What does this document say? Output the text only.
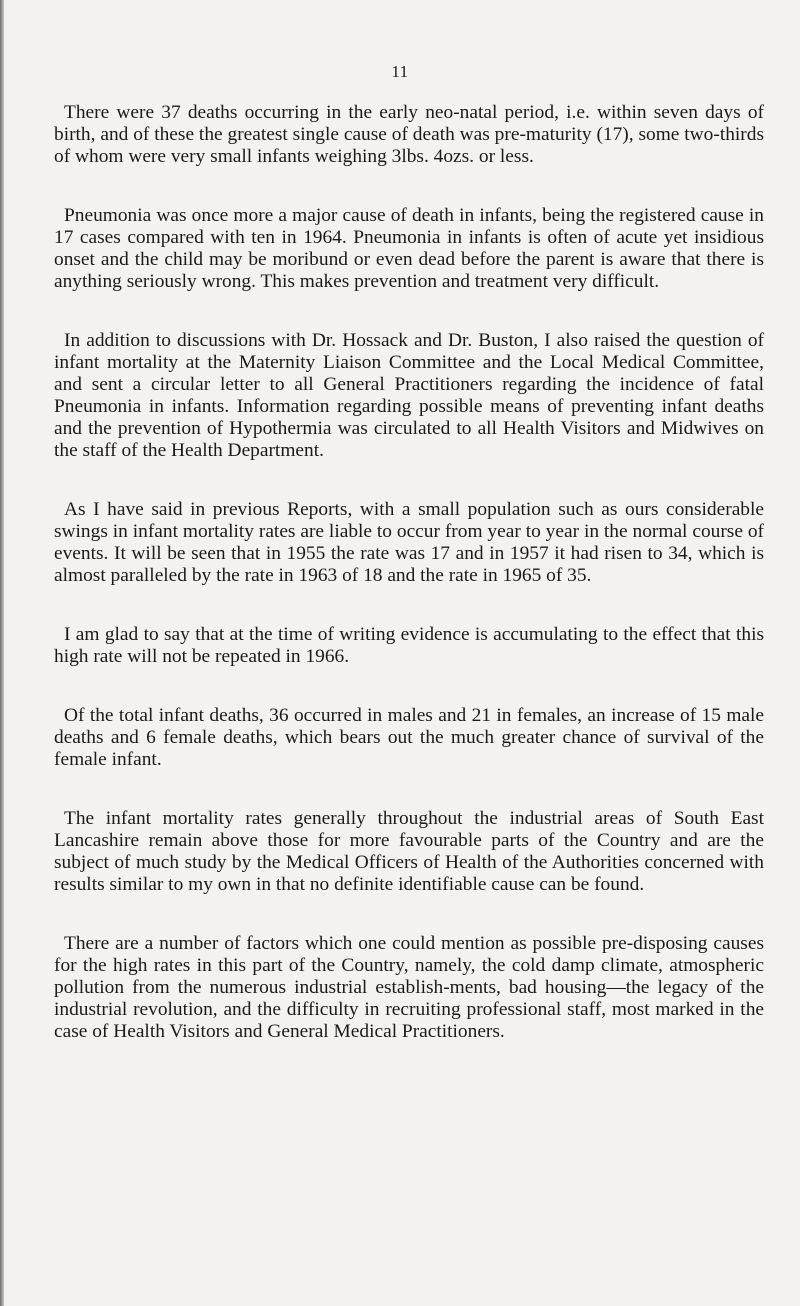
11

There were 37 deaths occurring in the early neo-natal period, i.e. within seven days of birth, and of these the greatest single cause of death was pre-maturity (17), some two-thirds of whom were very small infants weighing 3lbs. 4ozs. or less.

Pneumonia was once more a major cause of death in infants, being the registered cause in 17 cases compared with ten in 1964. Pneumonia in infants is often of acute yet insidious onset and the child may be moribund or even dead before the parent is aware that there is anything seriously wrong. This makes prevention and treatment very difficult.

In addition to discussions with Dr. Hossack and Dr. Buston, I also raised the question of infant mortality at the Maternity Liaison Committee and the Local Medical Committee, and sent a circular letter to all General Practitioners regarding the incidence of fatal Pneumonia in infants. Information regarding possible means of preventing infant deaths and the prevention of Hypothermia was circulated to all Health Visitors and Midwives on the staff of the Health Department.

As I have said in previous Reports, with a small population such as ours considerable swings in infant mortality rates are liable to occur from year to year in the normal course of events. It will be seen that in 1955 the rate was 17 and in 1957 it had risen to 34, which is almost paralleled by the rate in 1963 of 18 and the rate in 1965 of 35.

I am glad to say that at the time of writing evidence is accumulating to the effect that this high rate will not be repeated in 1966.

Of the total infant deaths, 36 occurred in males and 21 in females, an increase of 15 male deaths and 6 female deaths, which bears out the much greater chance of survival of the female infant.

The infant mortality rates generally throughout the industrial areas of South East Lancashire remain above those for more favourable parts of the Country and are the subject of much study by the Medical Officers of Health of the Authorities concerned with results similar to my own in that no definite identifiable cause can be found.

There are a number of factors which one could mention as possible pre-disposing causes for the high rates in this part of the Country, namely, the cold damp climate, atmospheric pollution from the numerous industrial establish-ments, bad housing—the legacy of the industrial revolution, and the difficulty in recruiting professional staff, most marked in the case of Health Visitors and General Medical Practitioners.
